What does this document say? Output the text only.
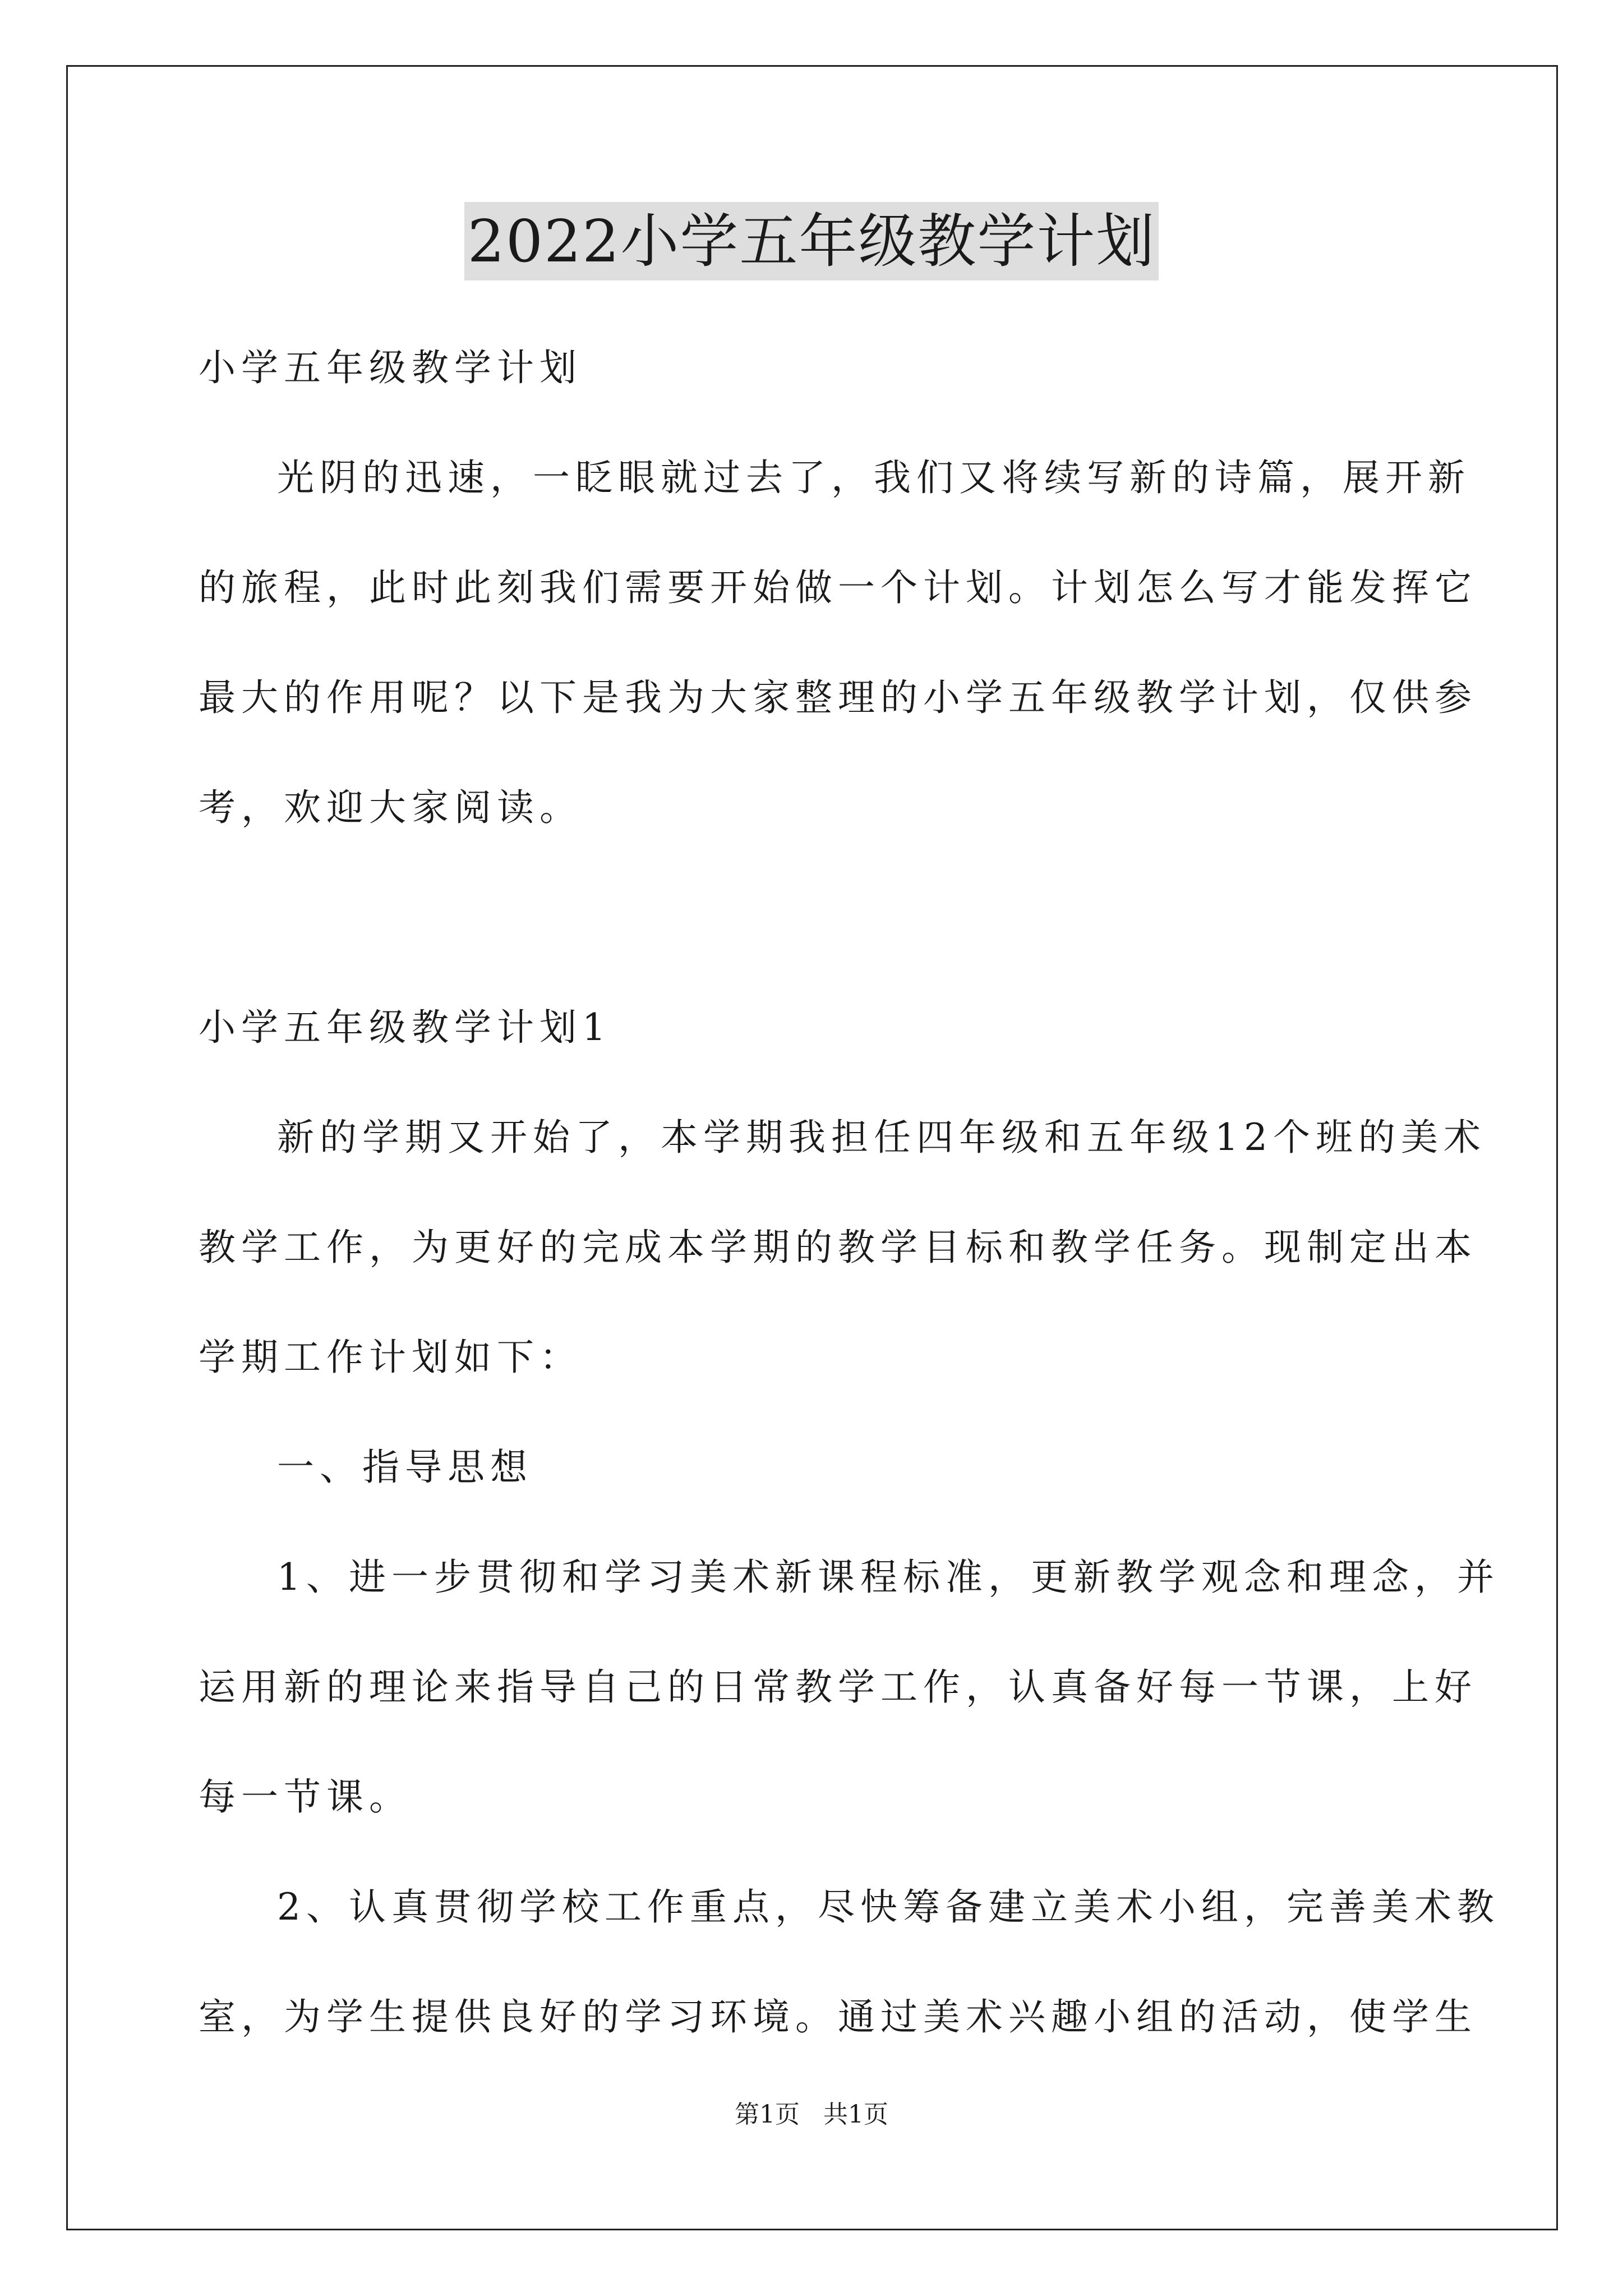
2022小学五年级教学计划

小学五年级教学计划

光阴的迅速，一眨眼就过去了，我们又将续写新的诗篇，展开新

的旅程，此时此刻我们需要开始做一个计划。计划怎么写才能发挥它

最大的作用呢？以下是我为大家整理的小学五年级教学计划，仅供参

考，欢迎大家阅读。

小学五年级教学计划1

新的学期又开始了，本学期我担任四年级和五年级12个班的美术

教学工作，为更好的完成本学期的教学目标和教学任务。现制定出本

学期工作计划如下：

一、指导思想

1、进一步贯彻和学习美术新课程标准，更新教学观念和理念，并

运用新的理论来指导自己的日常教学工作，认真备好每一节课，上好

每一节课。

2、认真贯彻学校工作重点，尽快筹备建立美术小组，完善美术教

室，为学生提供良好的学习环境。通过美术兴趣小组的活动，使学生

第1页   共1页
